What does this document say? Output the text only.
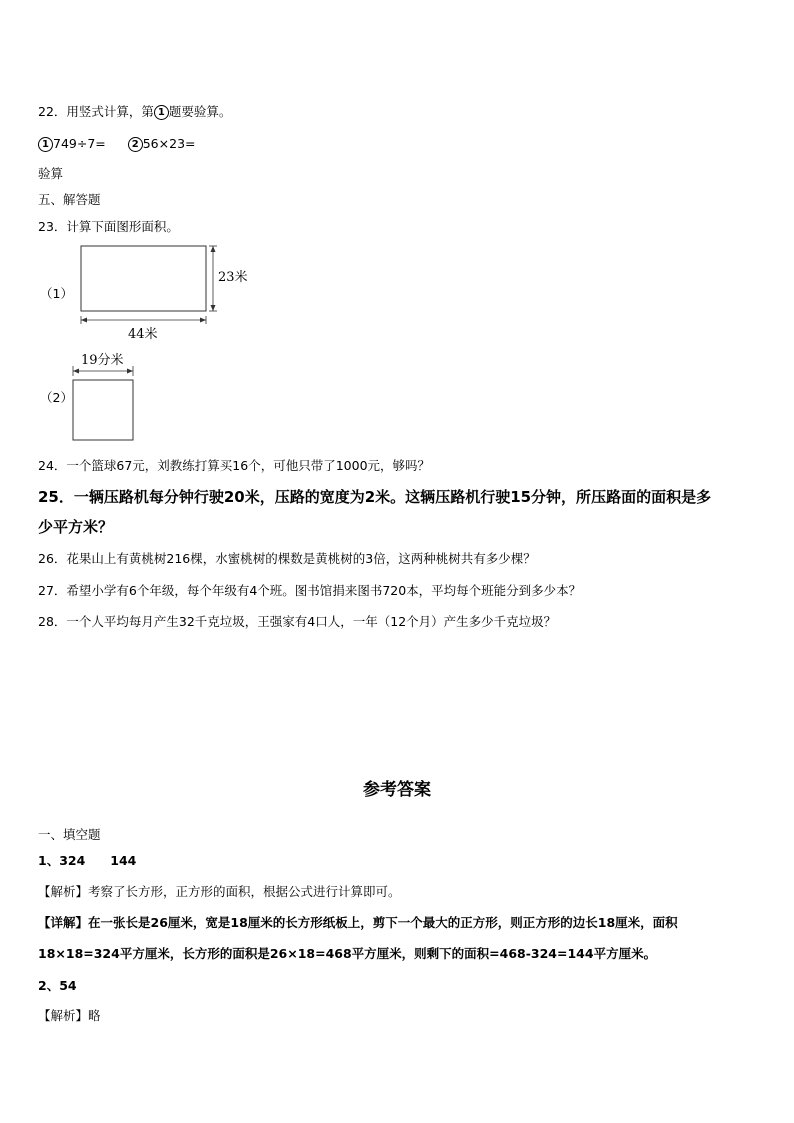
22．用竖式计算，第 1 题要验算。
1 749÷7=	2 56×23=
验算
五、解答题
23．计算下面图形面积。
（1）
23米
44米
19分米
（2）
24．一个篮球67元，刘教练打算买16个，可他只带了1000元，够吗？
25．一辆压路机每分钟行驶20米，压路的宽度为2米。这辆压路机行驶15分钟，所压路面的面积是多
少平方米？
26．花果山上有黄桃树216棵，水蜜桃树的棵数是黄桃树的3倍，这两种桃树共有多少棵？
27．希望小学有6个年级，每个年级有4个班。图书馆捐来图书720本，平均每个班能分到多少本？
28．一个人平均每月产生32千克垃圾，王强家有4口人，一年（12个月）产生多少千克垃圾？
参考答案
一、填空题
1、324　　144
【解析】考察了长方形，正方形的面积，根据公式进行计算即可。
【详解】在一张长是26厘米，宽是18厘米的长方形纸板上，剪下一个最大的正方形，则正方形的边长18厘米，面积
18×18=324平方厘米，长方形的面积是26×18=468平方厘米，则剩下的面积=468-324=144平方厘米。
2、54
【解析】略
